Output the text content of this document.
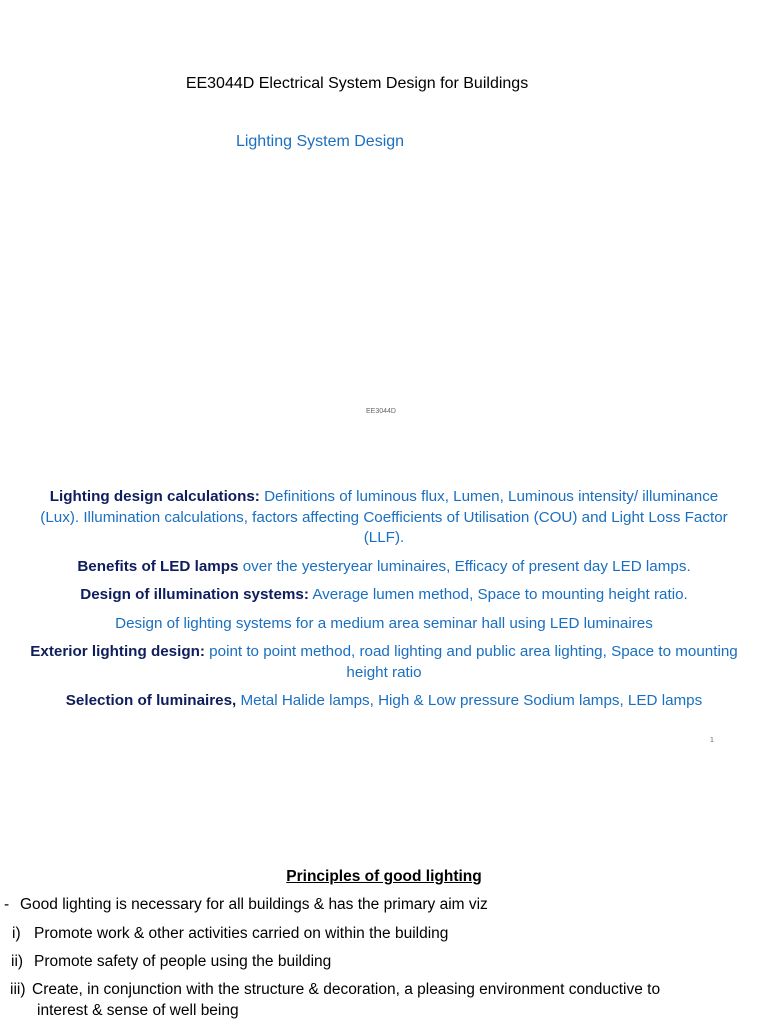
EE3044D Electrical System Design for Buildings
Lighting System Design
EE3044D

Lighting design calculations: Definitions of luminous flux, Lumen, Luminous intensity/ illuminance (Lux). Illumination calculations, factors affecting Coefficients of Utilisation (COU) and Light Loss Factor (LLF).

Benefits of LED lamps over the yesteryear luminaires, Efficacy of present day LED lamps.

Design of illumination systems: Average lumen method, Space to mounting height ratio.

Design of lighting systems for a medium area seminar hall using LED luminaires

Exterior lighting design: point to point method, road lighting and public area lighting, Space to mounting height ratio

Selection of luminaires, Metal Halide lamps, High & Low pressure Sodium lamps, LED lamps

1
Principles of good lighting
- Good lighting is necessary for all buildings & has the primary aim viz
i) Promote work & other activities carried on within the building
ii) Promote safety of people using the building
iii) Create, in conjunction with the structure & decoration, a pleasing environment conductive to
interest & sense of well being
